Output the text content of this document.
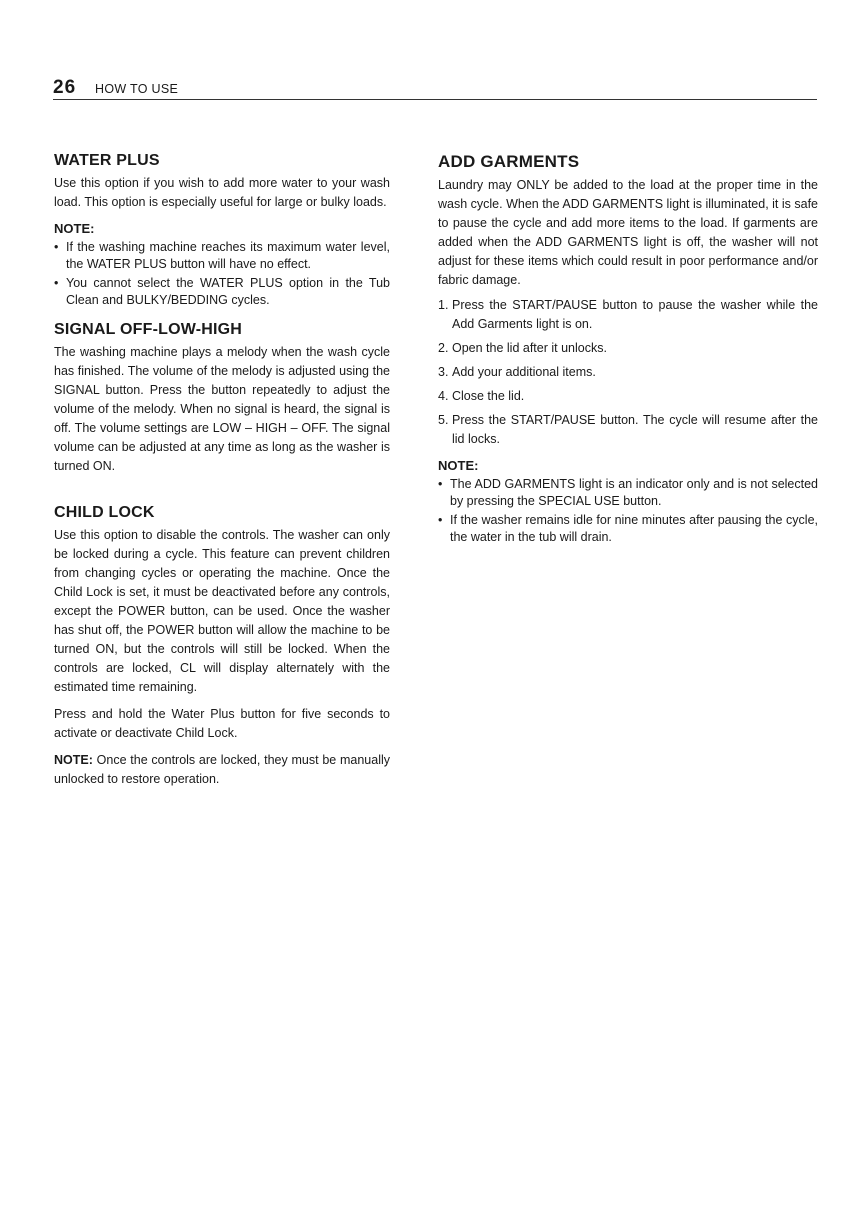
26 HOW TO USE
WATER PLUS

Use this option if you wish to add more water to your wash load. This option is especially useful for large or bulky loads.

NOTE:
• If the washing machine reaches its maximum water level, the WATER PLUS button will have no effect.
• You cannot select the WATER PLUS option in the Tub Clean and BULKY/BEDDING cycles.
SIGNAL OFF-LOW-HIGH

The washing machine plays a melody when the wash cycle has finished. The volume of the melody is adjusted using the SIGNAL button. Press the button repeatedly to adjust the volume of the melody. When no signal is heard, the signal is off. The volume settings are LOW – HIGH – OFF. The signal volume can be adjusted at any time as long as the washer is turned ON.

CHILD LOCK

Use this option to disable the controls. The washer can only be locked during a cycle. This feature can prevent children from changing cycles or operating the machine. Once the Child Lock is set, it must be deactivated before any controls, except the POWER button, can be used. Once the washer has shut off, the POWER button will allow the machine to be turned ON, but the controls will still be locked. When the controls are locked, CL will display alternately with the estimated time remaining.

Press and hold the Water Plus button for five seconds to activate or deactivate Child Lock.

NOTE: Once the controls are locked, they must be manually unlocked to restore operation.

ADD GARMENTS

Laundry may ONLY be added to the load at the proper time in the wash cycle. When the ADD GARMENTS light is illuminated, it is safe to pause the cycle and add more items to the load. If garments are added when the ADD GARMENTS light is off, the washer will not adjust for these items which could result in poor performance and/or fabric damage.

1. Press the START/PAUSE button to pause the washer while the Add Garments light is on.
2. Open the lid after it unlocks.
3. Add your additional items.
4. Close the lid.
5. Press the START/PAUSE button. The cycle will resume after the lid locks.
NOTE:
• The ADD GARMENTS light is an indicator only and is not selected by pressing the SPECIAL USE button.
• If the washer remains idle for nine minutes after pausing the cycle, the water in the tub will drain.
